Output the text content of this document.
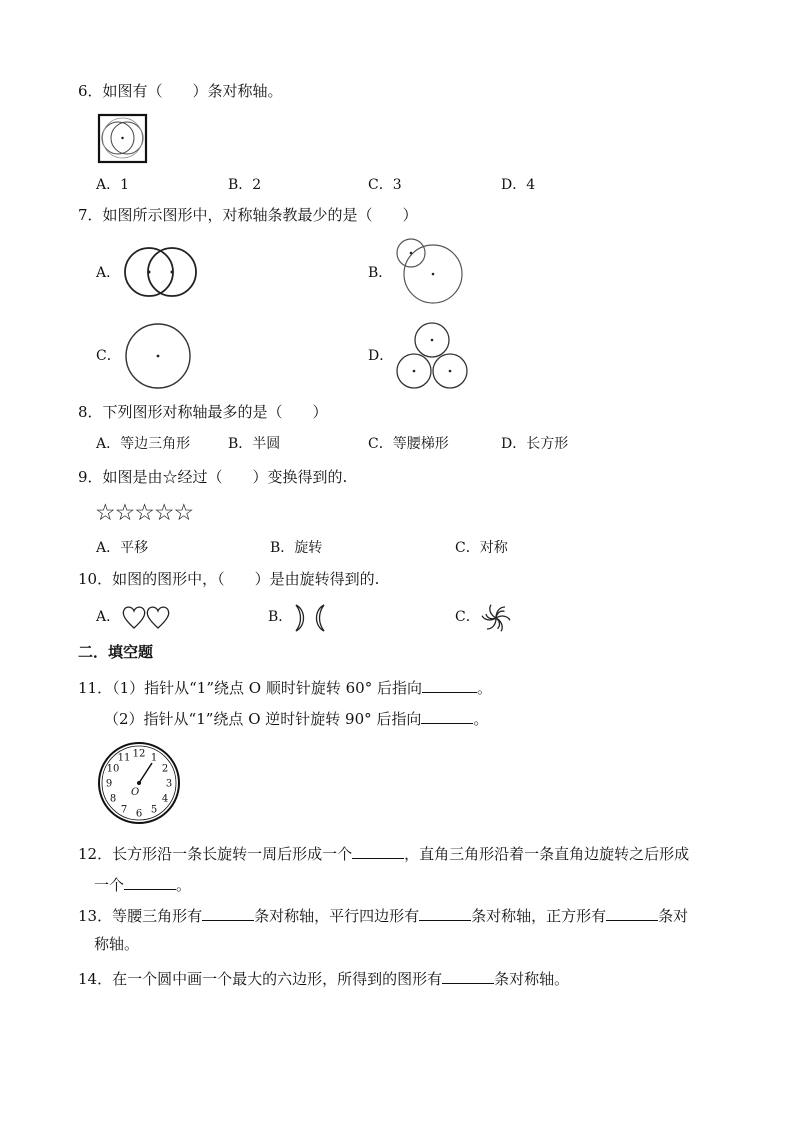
6．如图有（　　）条对称轴。
A．1	B．2	C．3	D．4
7．如图所示图形中，对称轴条教最少的是（　　）
A．	B．
C．	D．
8．下列图形对称轴最多的是（　　）
A．等边三角形	B．半圆	C．等腰梯形	D．长方形
9．如图是由☆经过（　　）变换得到的.
☆☆☆☆☆
A．平移	B．旋转	C．对称
10．如图的图形中，（　　）是由旋转得到的.
A．	B．	C．
二．填空题
11．（1）指针从“1”绕点 O 顺时针旋转 60° 后指向	。
（2）指针从“1”绕点 O 逆时针旋转 90° 后指向	。
12 1
2
3
4
5
6
7
8
9
10
11
O
12．长方形沿一条长旋转一周后形成一个	，直角三角形沿着一条直角边旋转之后形成
一个	。
13．等腰三角形有	条对称轴，平行四边形有	条对称轴，正方形有	条对
称轴。
14．在一个圆中画一个最大的六边形，所得到的图形有	条对称轴。
